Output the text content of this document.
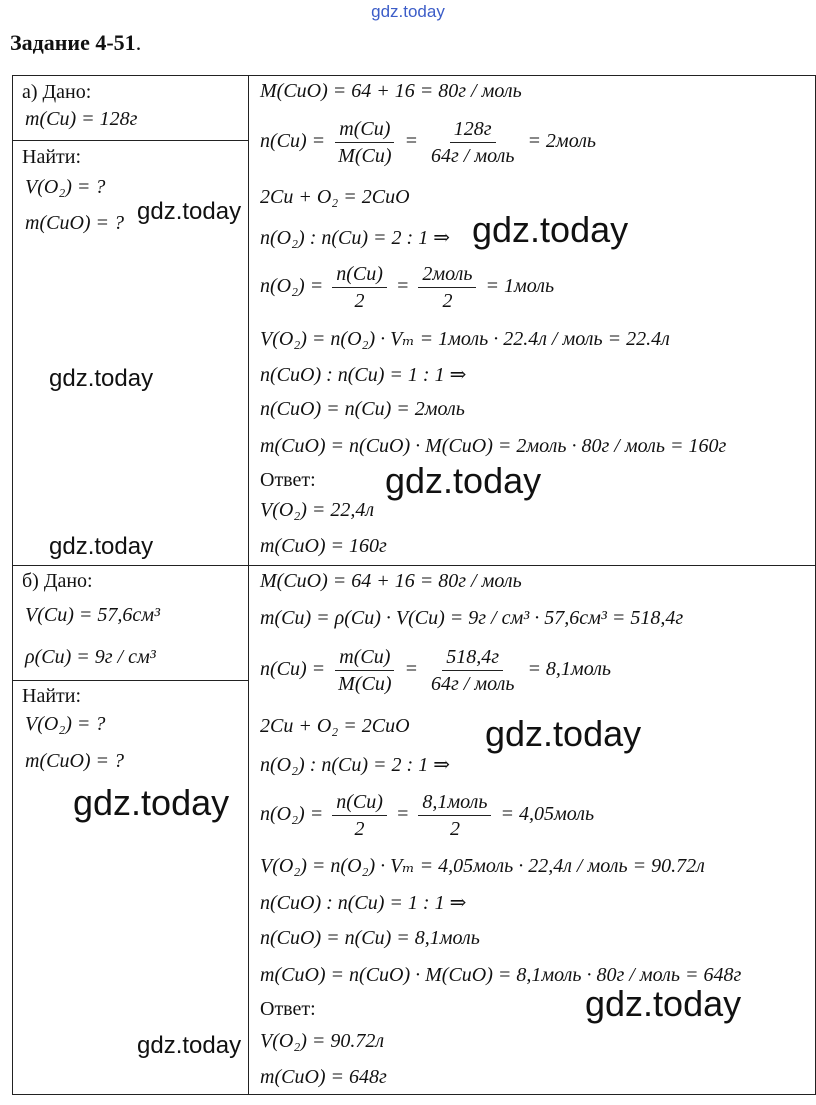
gdz.today
Задание 4-51.
а) Дано:
m(Cu) = 128г
Найти:
V(O₂) = ?
m(CuO) = ?
M(CuO) = 64 + 16 = 80г / моль
$n(Cu) = \frac{m(Cu)}{M(Cu)} = \frac{128г}{\text{64г / моль}}$ = 2моль
2Cu + O₂ = 2CuO
n(O₂) : n(Cu) = 2 : 1 ⇒
$n(O_2) = \frac{n(Cu)}{2} = \frac{\text{2моль}}{2}$ = 1моль
V(O₂) = n(O₂) · Vₘ = 1моль · 22.4л / моль = 22.4л
n(CuO) : n(Cu) = 1 : 1 ⇒
n(CuO) = n(Cu) = 2моль
m(CuO) = n(CuO) · M(CuO) = 2моль · 80г / моль = 160г
Ответ:
V(O₂) = 22,4л
m(CuO) = 160г
б) Дано:
V(Cu) = 57,6см³
ρ(Cu) = 9г / см³
Найти:
V(O₂) = ?
m(CuO) = ?
M(CuO) = 64 + 16 = 80г / моль
m(Cu) = ρ(Cu) · V(Cu) = 9г / см³ · 57,6см³ = 518,4г
$n(Cu) = \frac{m(Cu)}{M(Cu)} = \frac{518,4г}{\text{64г / моль}}$ = 8,1моль
2Cu + O₂ = 2CuO
n(O₂) : n(Cu) = 2 : 1 ⇒
$n(O_2) = \frac{n(Cu)}{2} = \frac{\text{8,1моль}}{2}$ = 4,05моль
V(O₂) = n(O₂) · Vₘ = 4,05моль · 22,4л / моль = 90.72л
n(CuO) : n(Cu) = 1 : 1 ⇒
n(CuO) = n(Cu) = 8,1моль
m(CuO) = n(CuO) · M(CuO) = 8,1моль · 80г / моль = 648г
Ответ:
V(O₂) = 90.72л
m(CuO) = 648г
gdz.today	gdz.today
gdz.today
gdz.today
gdz.today
gdz.today
gdz.today
gdz.today
gdz.today
